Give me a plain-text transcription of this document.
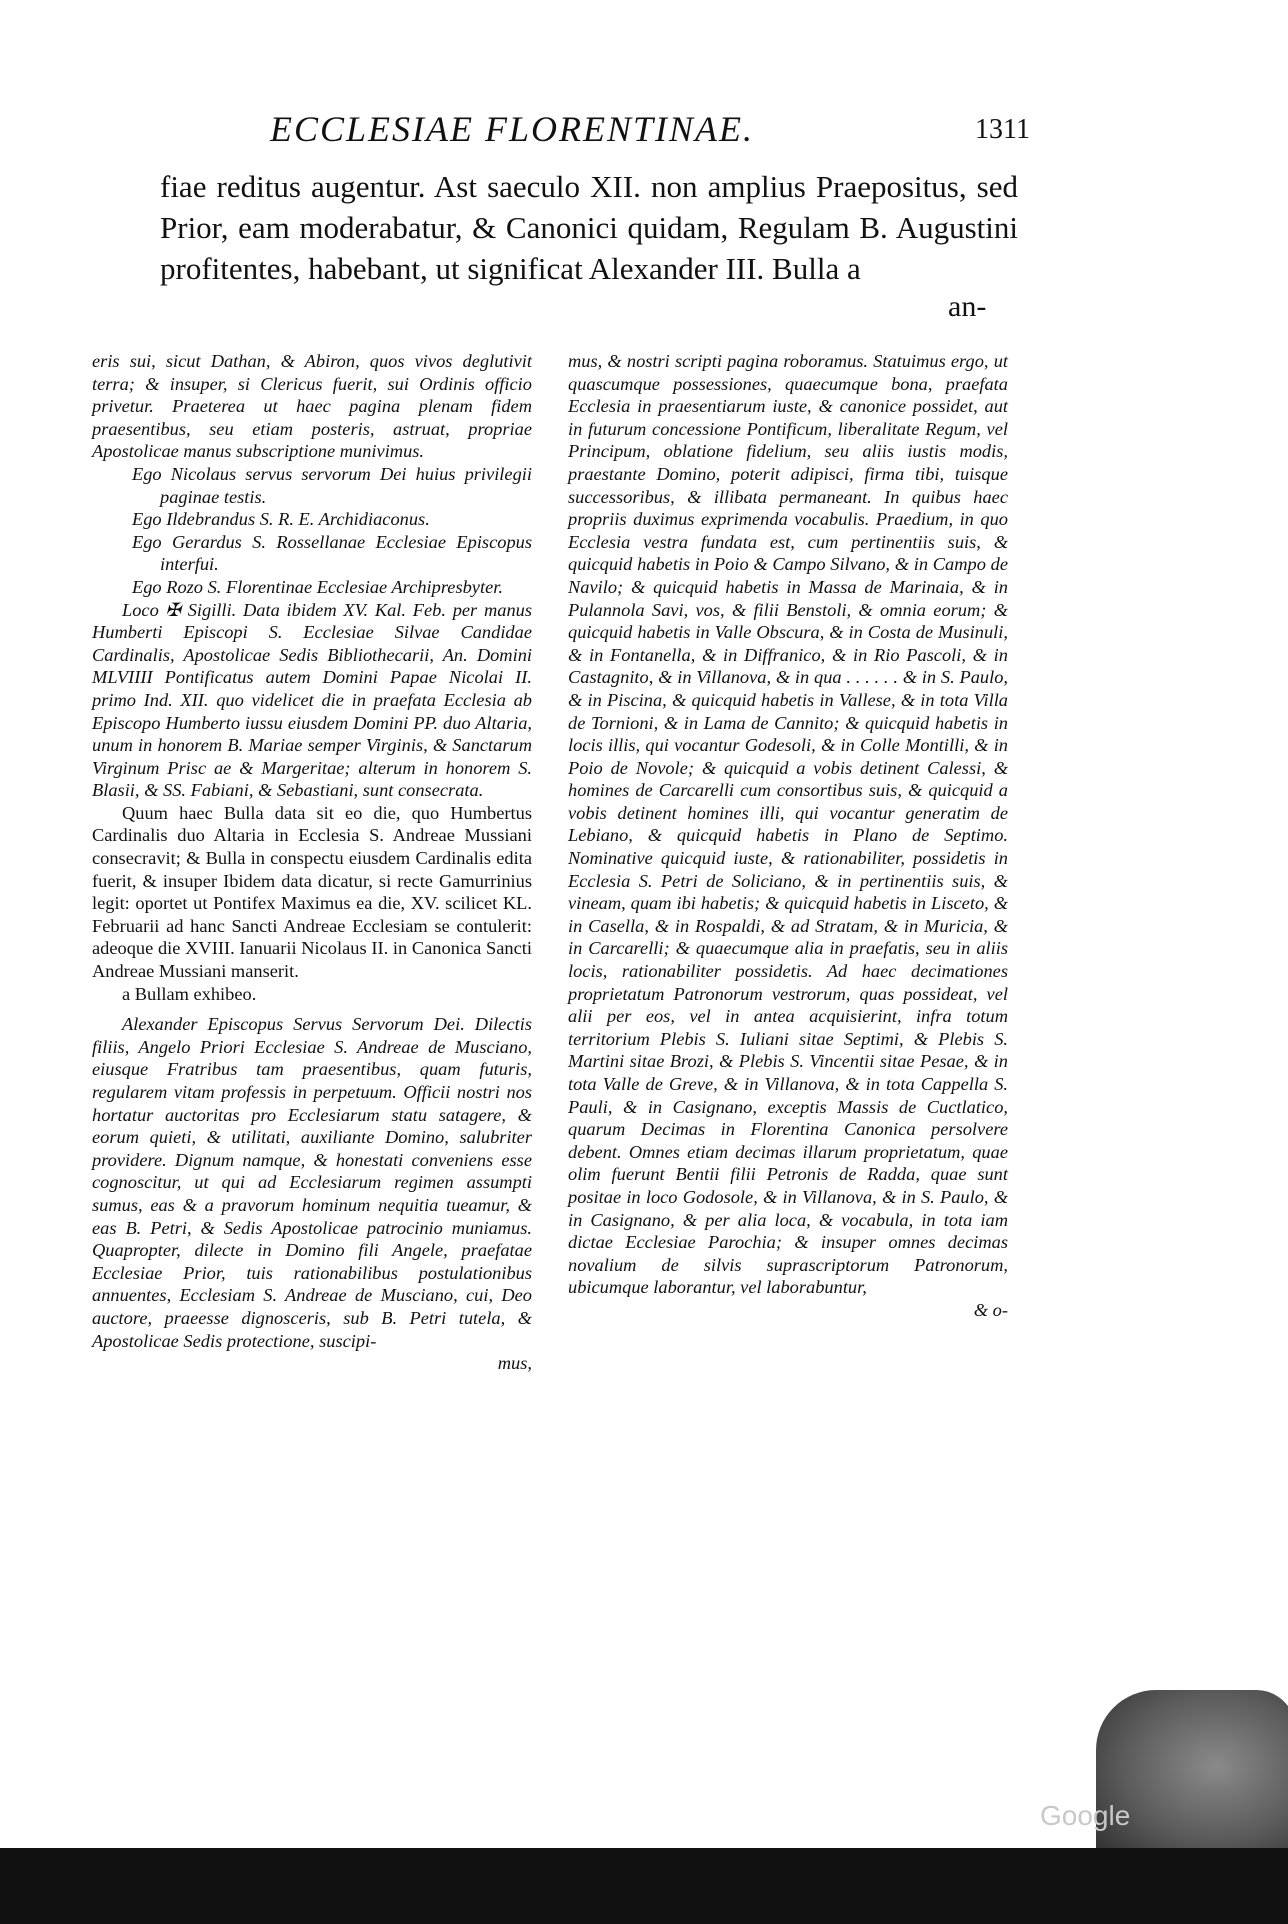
ECCLESIAE FLORENTINAE.	1311

fiae reditus augentur. Ast saeculo XII. non amplius Praepositus, sed Prior, eam moderabatur, & Canonici quidam, Regulam B. Augustini profitentes, habebant, ut significat Alexander III. Bulla a

an-

eris sui, sicut Dathan, & Abiron, quos vivos deglutivit terra; & insuper, si Clericus fuerit, sui Ordinis officio privetur. Praeterea ut haec pagina plenam fidem praesentibus, seu etiam posteris, astruat, propriae Apostolicae manus subscriptione munivimus.

Ego Nicolaus servus servorum Dei huius privilegii paginae testis.

Ego Ildebrandus S. R. E. Archidiaconus.

Ego Gerardus S. Rossellanae Ecclesiae Episcopus interfui.

Ego Rozo S. Florentinae Ecclesiae Archipresbyter.

Loco ✠ Sigilli. Data ibidem XV. Kal. Feb. per manus Humberti Episcopi S. Ecclesiae Silvae Candidae Cardinalis, Apostolicae Sedis Bibliothecarii, An. Domini MLVIIII Pontificatus autem Domini Papae Nicolai II. primo Ind. XII. quo videlicet die in praefata Ecclesia ab Episcopo Humberto iussu eiusdem Domini PP. duo Altaria, unum in honorem B. Mariae semper Virginis, & Sanctarum Virginum Prisc ae & Margeritae; alterum in honorem S. Blasii, & SS. Fabiani, & Sebastiani, sunt consecrata.

Quum haec Bulla data sit eo die, quo Humbertus Cardinalis duo Altaria in Ecclesia S. Andreae Mussiani consecravit; & Bulla in conspectu eiusdem Cardinalis edita fuerit, & insuper Ibidem data dicatur, si recte Gamurrinius legit: oportet ut Pontifex Maximus ea die, XV. scilicet KL. Februarii ad hanc Sancti Andreae Ecclesiam se contulerit: adeoque die XVIII. Ianuarii Nicolaus II. in Canonica Sancti Andreae Mussiani manserit.

a Bullam exhibeo.

Alexander Episcopus Servus Servorum Dei. Dilectis filiis, Angelo Priori Ecclesiae S. Andreae de Musciano, eiusque Fratribus tam praesentibus, quam futuris, regularem vitam professis in perpetuum. Officii nostri nos hortatur auctoritas pro Ecclesiarum statu satagere, & eorum quieti, & utilitati, auxiliante Domino, salubriter providere. Dignum namque, & honestati conveniens esse cognoscitur, ut qui ad Ecclesiarum regimen assumpti sumus, eas & a pravorum hominum nequitia tueamur, & eas B. Petri, & Sedis Apostolicae patrocinio muniamus. Quapropter, dilecte in Domino fili Angele, praefatae Ecclesiae Prior, tuis rationabilibus postulationibus annuentes, Ecclesiam S. Andreae de Musciano, cui, Deo auctore, praeesse dignosceris, sub B. Petri tutela, & Apostolicae Sedis protectione, suscipi-

mus,

mus, & nostri scripti pagina roboramus. Statuimus ergo, ut quascumque possessiones, quaecumque bona, praefata Ecclesia in praesentiarum iuste, & canonice possidet, aut in futurum concessione Pontificum, liberalitate Regum, vel Principum, oblatione fidelium, seu aliis iustis modis, praestante Domino, poterit adipisci, firma tibi, tuisque successoribus, & illibata permaneant. In quibus haec propriis duximus exprimenda vocabulis. Praedium, in quo Ecclesia vestra fundata est, cum pertinentiis suis, & quicquid habetis in Poio & Campo Silvano, & in Campo de Navilo; & quicquid habetis in Massa de Marinaia, & in Pulannola Savi, vos, & filii Benstoli, & omnia eorum; & quicquid habetis in Valle Obscura, & in Costa de Musinuli, & in Fontanella, & in Diffranico, & in Rio Pascoli, & in Castagnito, & in Villanova, & in qua . . . . . . & in S. Paulo, & in Piscina, & quicquid habetis in Vallese, & in tota Villa de Tornioni, & in Lama de Cannito; & quicquid habetis in locis illis, qui vocantur Godesoli, & in Colle Montilli, & in Poio de Novole; & quicquid a vobis detinent Calessi, & homines de Carcarelli cum consortibus suis, & quicquid a vobis detinent homines illi, qui vocantur generatim de Lebiano, & quicquid habetis in Plano de Septimo. Nominative quicquid iuste, & rationabiliter, possidetis in Ecclesia S. Petri de Soliciano, & in pertinentiis suis, & vineam, quam ibi habetis; & quicquid habetis in Lisceto, & in Casella, & in Rospaldi, & ad Stratam, & in Muricia, & in Carcarelli; & quaecumque alia in praefatis, seu in aliis locis, rationabiliter possidetis. Ad haec decimationes proprietatum Patronorum vestrorum, quas possideat, vel alii per eos, vel in antea acquisierint, infra totum territorium Plebis S. Iuliani sitae Septimi, & Plebis S. Martini sitae Brozi, & Plebis S. Vincentii sitae Pesae, & in tota Valle de Greve, & in Villanova, & in tota Cappella S. Pauli, & in Casignano, exceptis Massis de Cuctlatico, quarum Decimas in Florentina Canonica persolvere debent. Omnes etiam decimas illarum proprietatum, quae olim fuerunt Bentii filii Petronis de Radda, quae sunt positae in loco Godosole, & in Villanova, & in S. Paulo, & in Casignano, & per alia loca, & vocabula, in tota iam dictae Ecclesiae Parochia; & insuper omnes decimas novalium de silvis suprascriptorum Patronorum, ubicumque laborantur, vel laborabuntur,

& o-

Google
